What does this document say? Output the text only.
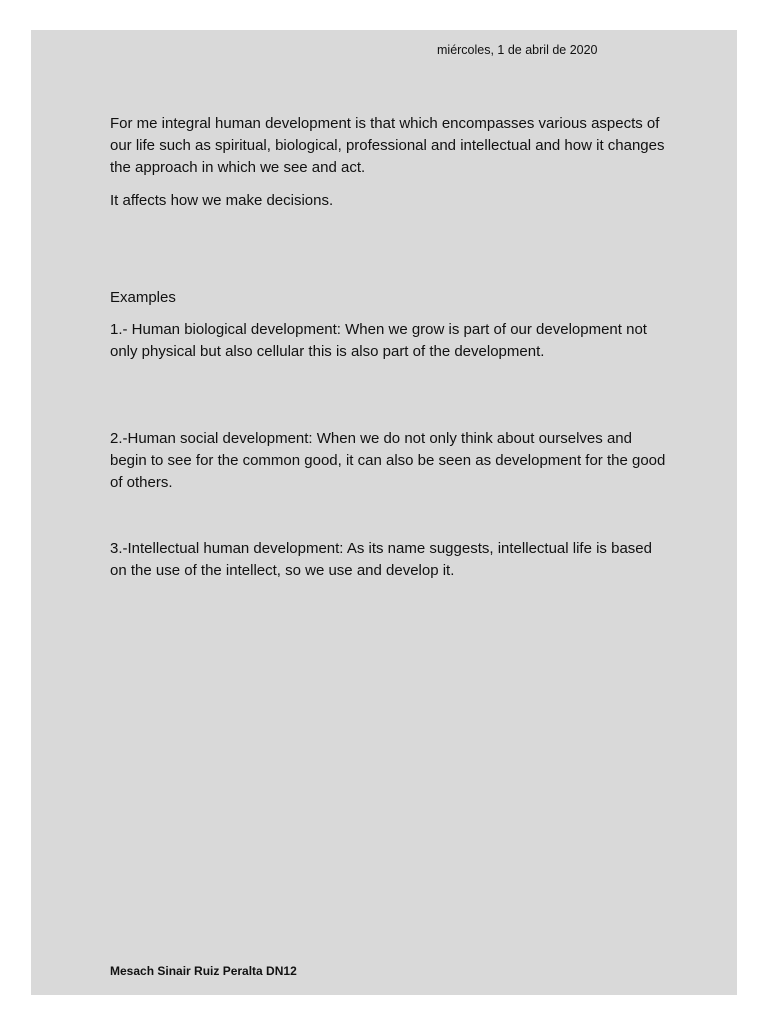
miércoles, 1 de abril de 2020

For me integral human development is that which encompasses various aspects of our life such as spiritual, biological, professional and intellectual and how it changes the approach in which we see and act.

It affects how we make decisions.

Examples

1.- Human biological development: When we grow is part of our development not only physical but also cellular this is also part of the development.

2.-Human social development: When we do not only think about ourselves and begin to see for the common good, it can also be seen as development for the good of others.

3.-Intellectual human development: As its name suggests, intellectual life is based on the use of the intellect, so we use and develop it.

Mesach Sinair Ruiz Peralta DN12
